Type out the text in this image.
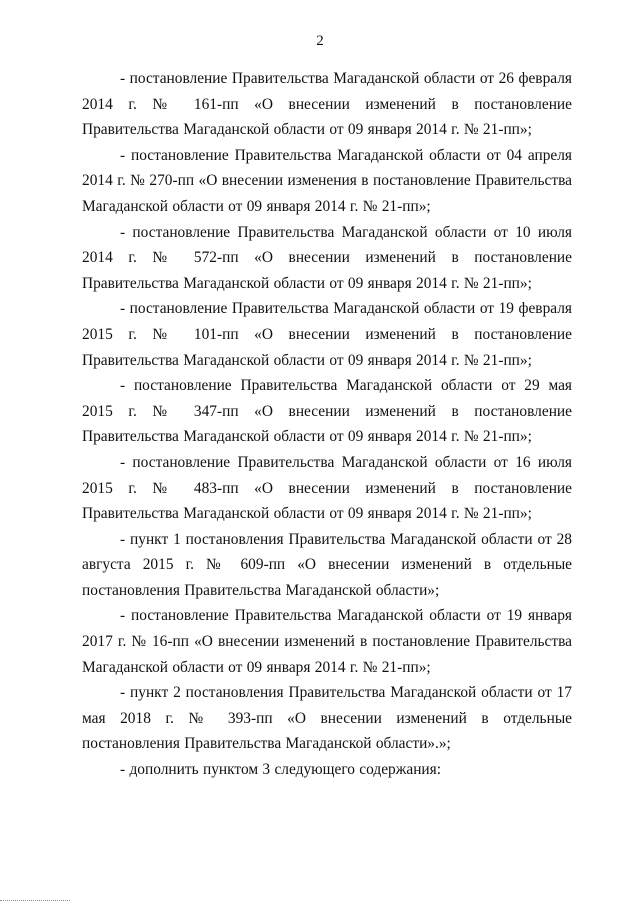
2

- постановление Правительства Магаданской области от 26 февраля 2014 г. № 161-пп «О внесении изменений в постановление Правительства Магаданской области от 09 января 2014 г. № 21-пп»;

- постановление Правительства Магаданской области от 04 апреля 2014 г. № 270-пп «О внесении изменения в постановление Правительства Магаданской области от 09 января 2014 г. № 21-пп»;

- постановление Правительства Магаданской области от 10 июля 2014 г. № 572-пп «О внесении изменений в постановление Правительства Магаданской области от 09 января 2014 г. № 21-пп»;

- постановление Правительства Магаданской области от 19 февраля 2015 г. № 101-пп «О внесении изменений в постановление Правительства Магаданской области от 09 января 2014 г. № 21-пп»;

- постановление Правительства Магаданской области от 29 мая 2015 г. № 347-пп «О внесении изменений в постановление Правительства Магаданской области от 09 января 2014 г. № 21-пп»;

- постановление Правительства Магаданской области от 16 июля 2015 г. № 483-пп «О внесении изменений в постановление Правительства Магаданской области от 09 января 2014 г. № 21-пп»;

- пункт 1 постановления Правительства Магаданской области от 28 августа 2015 г. № 609-пп «О внесении изменений в отдельные постановления Правительства Магаданской области»;

- постановление Правительства Магаданской области от 19 января 2017 г. № 16-пп «О внесении изменений в постановление Правительства Магаданской области от 09 января 2014 г. № 21-пп»;

- пункт 2 постановления Правительства Магаданской области от 17 мая 2018 г. № 393-пп «О внесении изменений в отдельные постановления Правительства Магаданской области».»;

- дополнить пунктом 3 следующего содержания:
